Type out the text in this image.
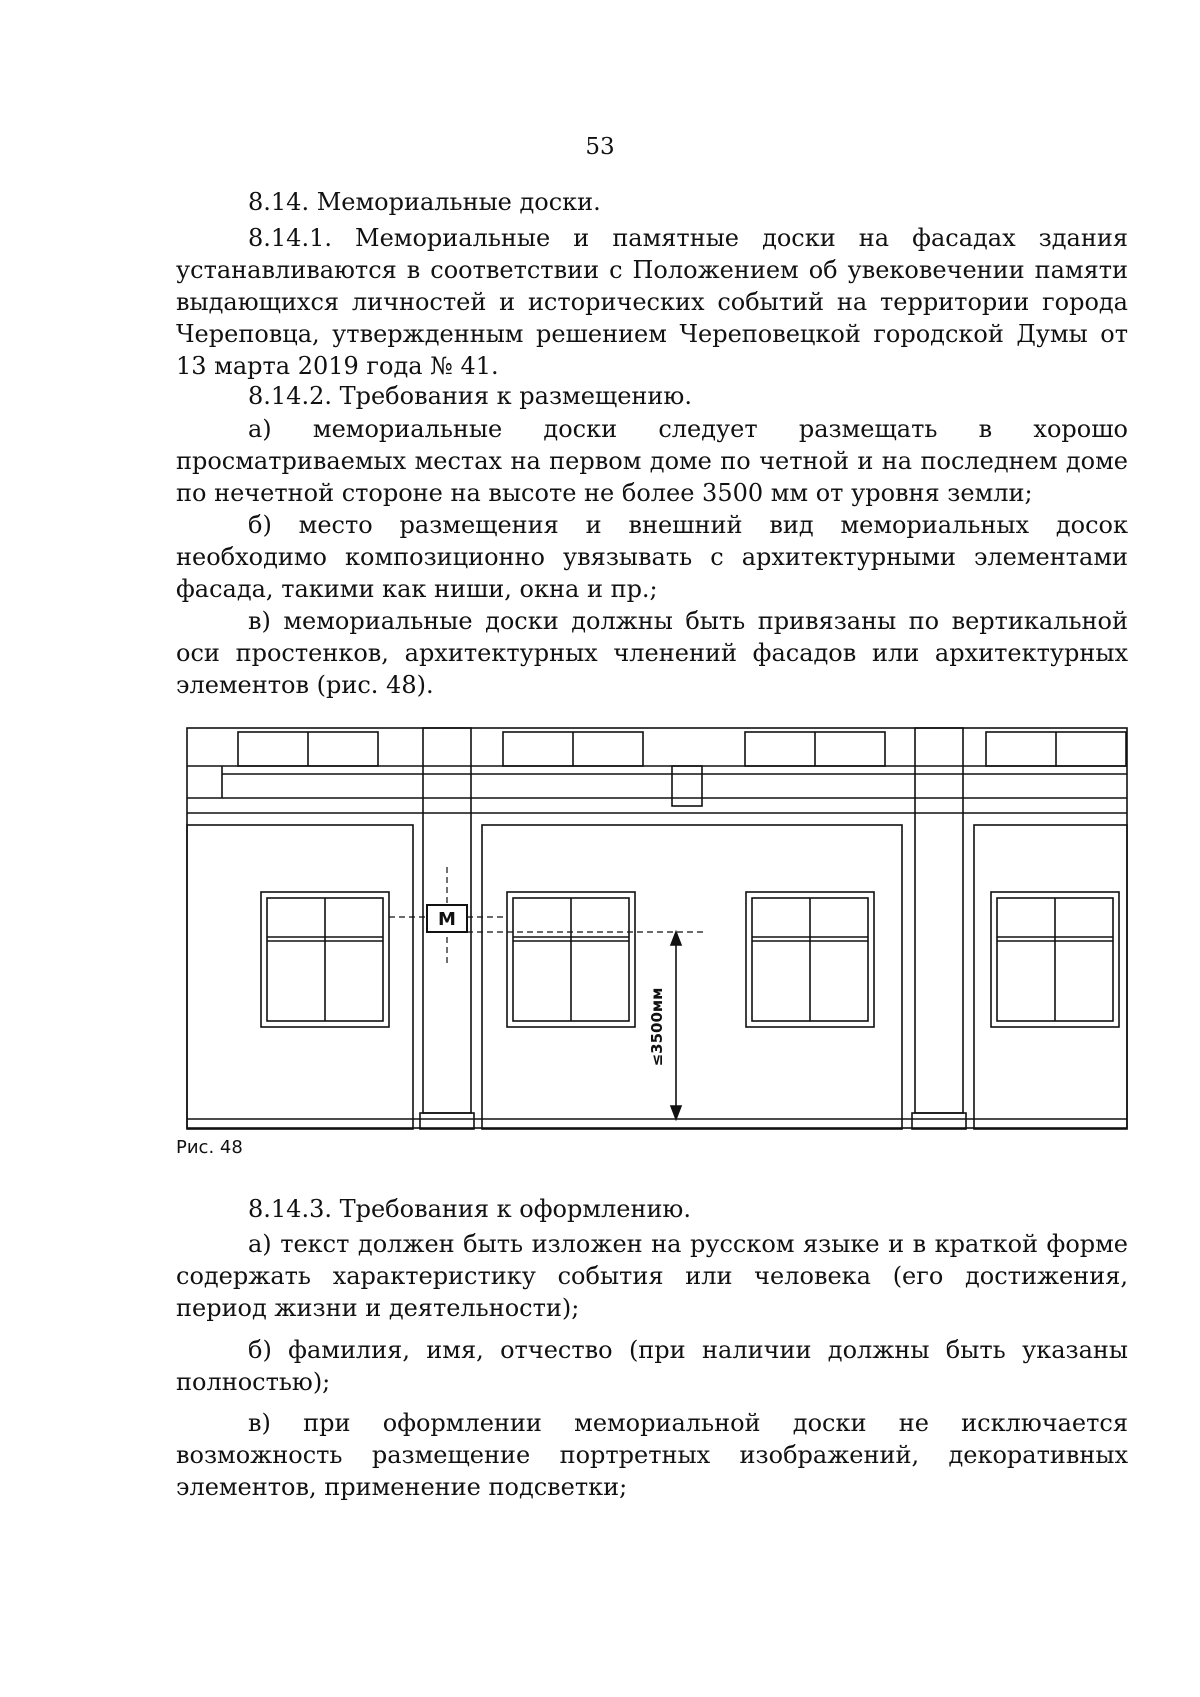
53
8.14. Мемориальные доски.
8.14.1. Мемориальные и памятные доски на фасадах здания устанавливаются в соответствии с Положением об увековечении памяти выдающихся личностей и исторических событий на территории города Череповца, утвержденным решением Череповецкой городской Думы от 13 марта 2019 года № 41.
8.14.2. Требования к размещению.
а) мемориальные доски следует размещать в хорошо просматриваемых местах на первом доме по четной и на последнем доме по нечетной стороне на высоте не более 3500 мм от уровня земли;
б) место размещения и внешний вид мемориальных досок необходимо композиционно увязывать с архитектурными элементами фасада, такими как ниши, окна и пр.;
в) мемориальные доски должны быть привязаны по вертикальной оси простенков, архитектурных членений фасадов или архитектурных элементов (рис. 48).
М
≤3500мм
Рис. 48
8.14.3. Требования к оформлению.
а) текст должен быть изложен на русском языке и в краткой форме содержать характеристику события или человека (его достижения, период жизни и деятельности);
б) фамилия, имя, отчество (при наличии должны быть указаны полностью);
в) при оформлении мемориальной доски не исключается возможность размещение портретных изображений, декоративных элементов, применение подсветки;
